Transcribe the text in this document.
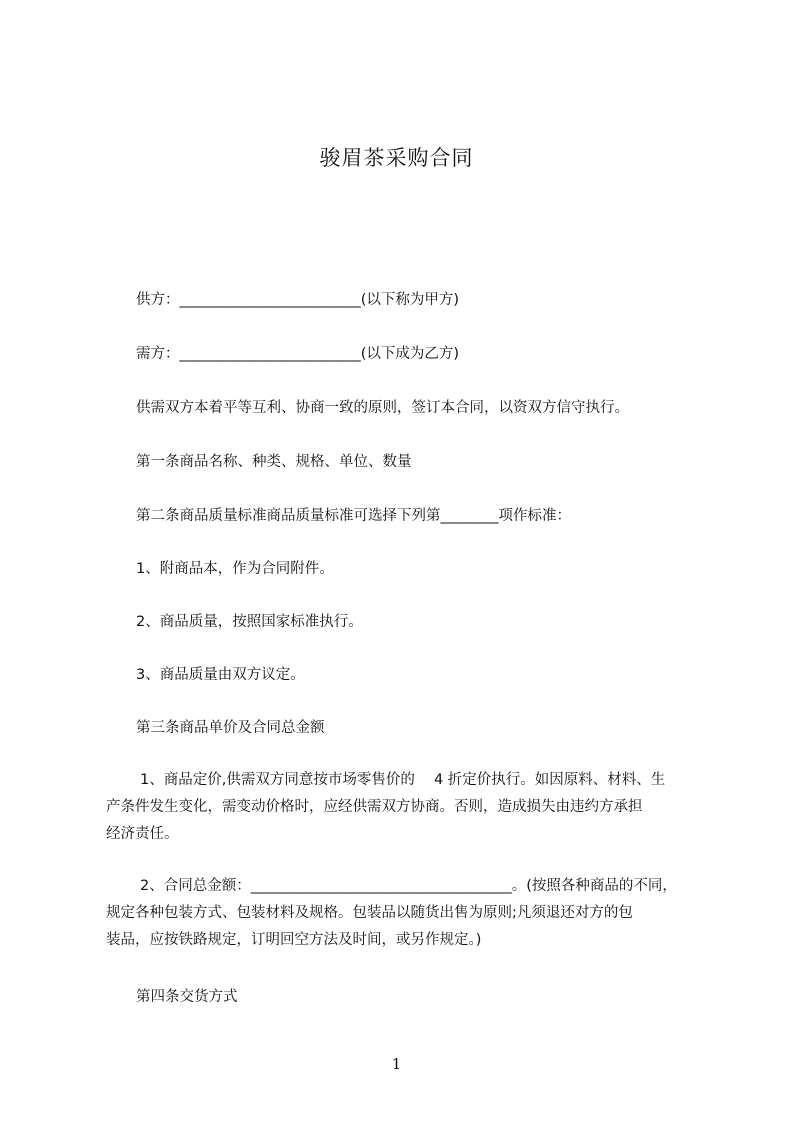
骏眉茶采购合同
供方：_________________________(以下称为甲方)
需方：_________________________(以下成为乙方)
供需双方本着平等互利、协商一致的原则，签订本合同，以资双方信守执行。
第一条商品名称、种类、规格、单位、数量
第二条商品质量标准商品质量标准可选择下列第________项作标准：
1、附商品本，作为合同附件。
2、商品质量，按照国家标准执行。
3、商品质量由双方议定。
第三条商品单价及合同总金额
1、商品定价,供需双方同意按市场零售价的　 4 折定价执行。如因原料、材料、生
产条件发生变化，需变动价格时，应经供需双方协商。否则，造成损失由违约方承担
经济责任。
2、合同总金额：____________________________________。(按照各种商品的不同，
规定各种包装方式、包装材料及规格。包装品以随货出售为原则;凡须退还对方的包
装品，应按铁路规定，订明回空方法及时间，或另作规定。)
第四条交货方式
1
